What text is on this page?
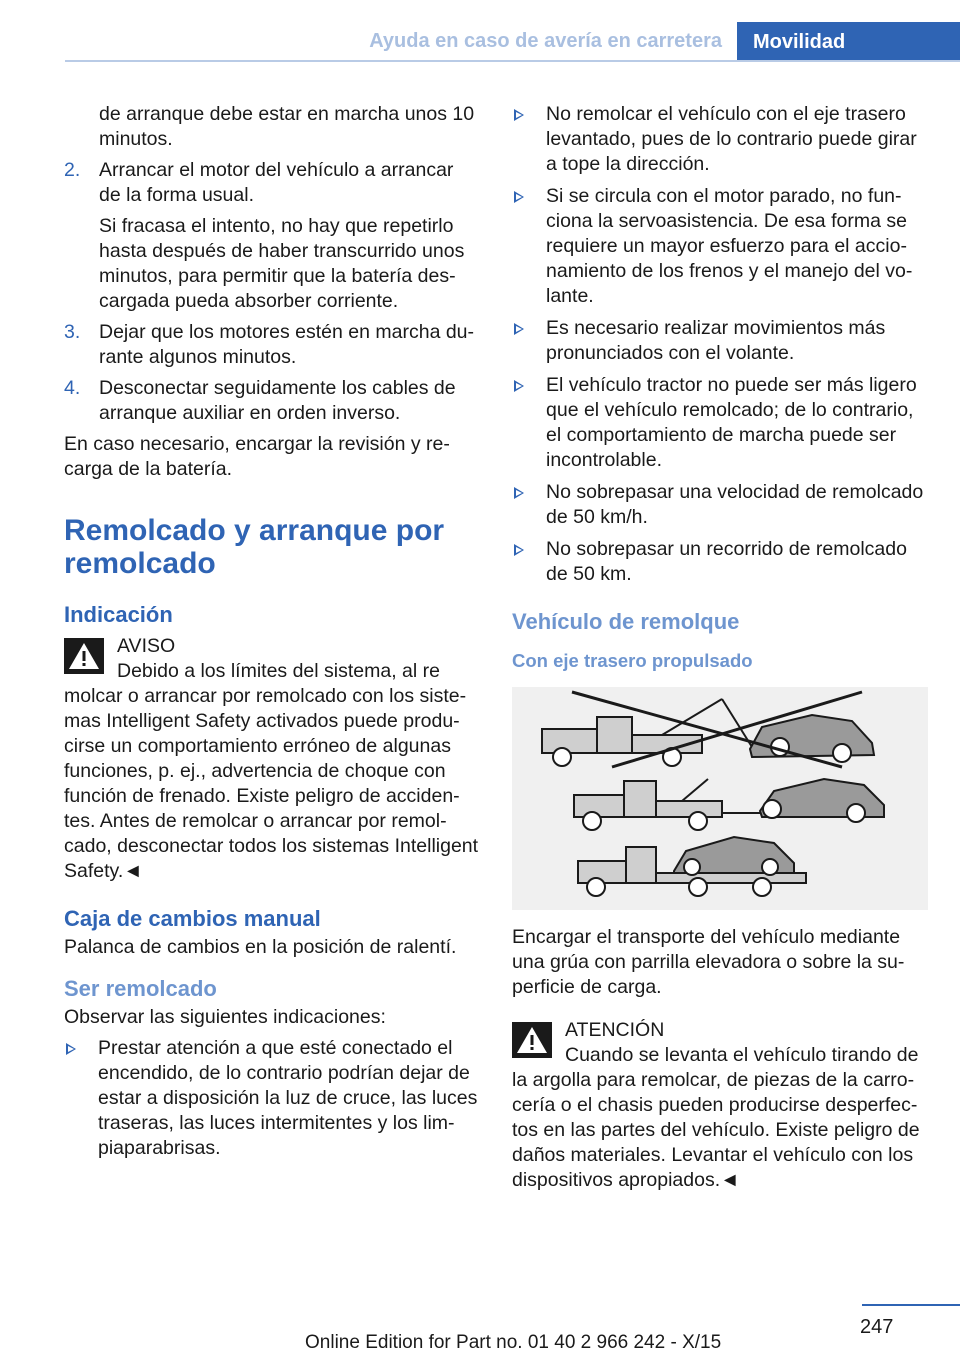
Ayuda en caso de avería en carretera	Movilidad

de arranque debe estar en marcha unos 10 minutos.

2. Arrancar el motor del vehículo a arrancar de la forma usual.
Si fracasa el intento, no hay que repetirlo hasta después de haber transcurrido unos minutos, para permitir que la batería descargada pueda absorber corriente.
3. Dejar que los motores estén en marcha durante algunos minutos.
4. Desconectar seguidamente los cables de arranque auxiliar en orden inverso.

En caso necesario, encargar la revisión y recarga de la batería.

Remolcado y arranque por remolcado
Indicación
AVISO
Debido a los límites del sistema, al re
molcar o arrancar por remolcado con los sistemas Intelligent Safety activados puede producirse un comportamiento erróneo de algunas funciones, p. ej., advertencia de choque con función de frenado. Existe peligro de accidentes. Antes de remolcar o arrancar por remolcado, desconectar todos los sistemas Intelligent Safety.◄
Caja de cambios manual

Palanca de cambios en la posición de ralentí.

Ser remolcado

Observar las siguientes indicaciones:

Prestar atención a que esté conectado el encendido, de lo contrario podrían dejar de estar a disposición la luz de cruce, las luces traseras, las luces intermitentes y los limpiaparabrisas.
No remolcar el vehículo con el eje trasero levantado, pues de lo contrario puede girar a tope la dirección.
Si se circula con el motor parado, no funciona la servoasistencia. De esa forma se requiere un mayor esfuerzo para el accionamiento de los frenos y el manejo del volante.
Es necesario realizar movimientos más pronunciados con el volante.
El vehículo tractor no puede ser más ligero que el vehículo remolcado; de lo contrario, el comportamiento de marcha puede ser incontrolable.
No sobrepasar una velocidad de remolcado de 50 km/h.
No sobrepasar un recorrido de remolcado de 50 km.
Vehículo de remolque
Con eje trasero propulsado

Encargar el transporte del vehículo mediante una grúa con parrilla elevadora o sobre la superficie de carga.

ATENCIÓN
Cuando se levanta el vehículo tirando de
la argolla para remolcar, de piezas de la carrocería o el chasis pueden producirse desperfectos en las partes del vehículo. Existe peligro de daños materiales. Levantar el vehículo con los dispositivos apropiados.◄
247
Online Edition for Part no. 01 40 2 966 242 - X/15
